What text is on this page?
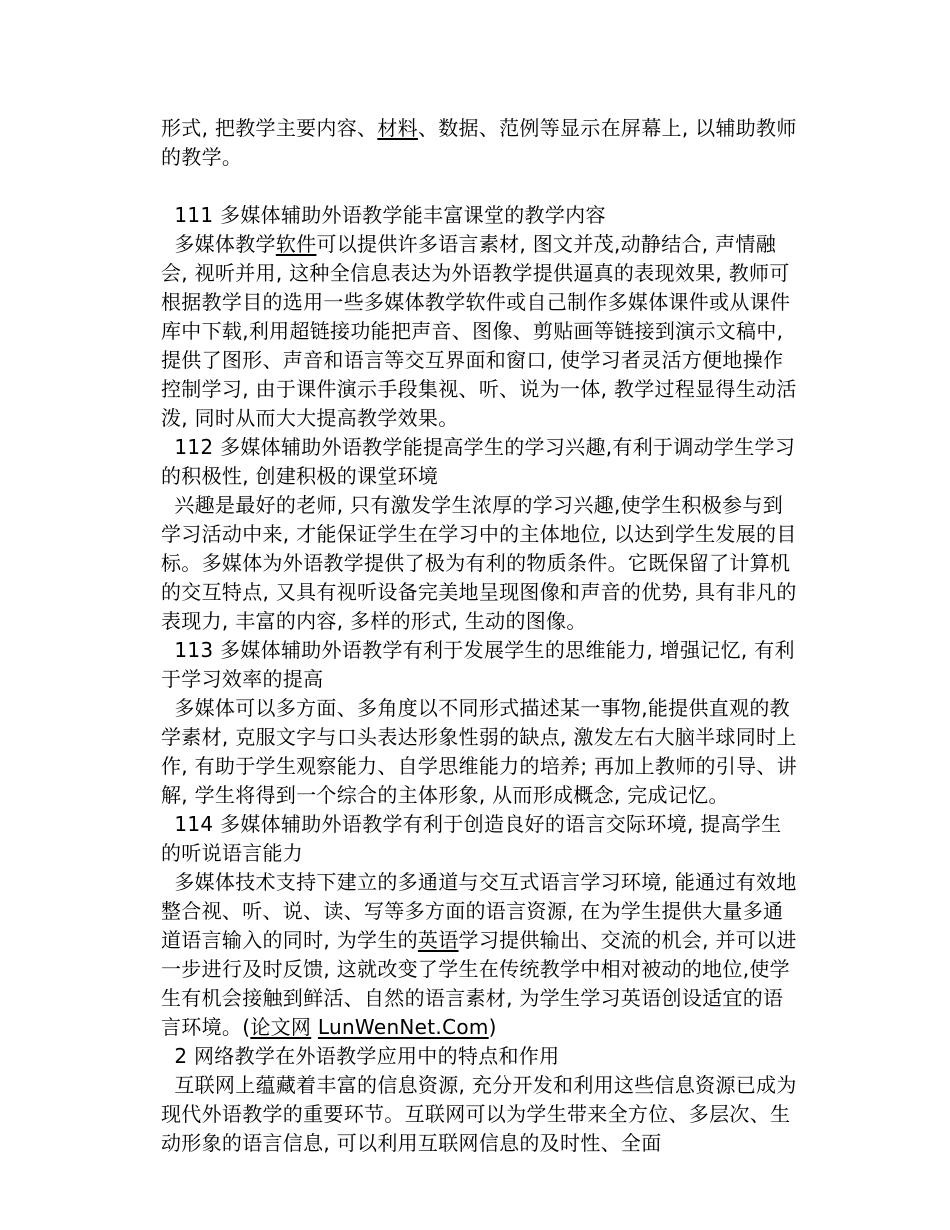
形式, 把教学主要内容、材料、数据、范例等显示在屏幕上, 以辅助教师的教学。

111 多媒体辅助外语教学能丰富课堂的教学内容

多媒体教学软件可以提供许多语言素材, 图文并茂,动静结合, 声情融会, 视听并用, 这种全信息表达为外语教学提供逼真的表现效果, 教师可根据教学目的选用一些多媒体教学软件或自己制作多媒体课件或从课件库中下载,利用超链接功能把声音、图像、剪贴画等链接到演示文稿中, 提供了图形、声音和语言等交互界面和窗口, 使学习者灵活方便地操作控制学习, 由于课件演示手段集视、听、说为一体, 教学过程显得生动活泼, 同时从而大大提高教学效果。

112 多媒体辅助外语教学能提高学生的学习兴趣,有利于调动学生学习的积极性, 创建积极的课堂环境

兴趣是最好的老师, 只有激发学生浓厚的学习兴趣,使学生积极参与到学习活动中来, 才能保证学生在学习中的主体地位, 以达到学生发展的目标。多媒体为外语教学提供了极为有利的物质条件。它既保留了计算机的交互特点, 又具有视听设备完美地呈现图像和声音的优势, 具有非凡的表现力, 丰富的内容, 多样的形式, 生动的图像。

113 多媒体辅助外语教学有利于发展学生的思维能力, 增强记忆, 有利于学习效率的提高

多媒体可以多方面、多角度以不同形式描述某一事物,能提供直观的教学素材, 克服文字与口头表达形象性弱的缺点, 激发左右大脑半球同时上作, 有助于学生观察能力、自学思维能力的培养; 再加上教师的引导、讲解, 学生将得到一个综合的主体形象, 从而形成概念, 完成记忆。

114 多媒体辅助外语教学有利于创造良好的语言交际环境, 提高学生的听说语言能力

多媒体技术支持下建立的多通道与交互式语言学习环境, 能通过有效地整合视、听、说、读、写等多方面的语言资源, 在为学生提供大量多通道语言输入的同时, 为学生的英语学习提供输出、交流的机会, 并可以进一步进行及时反馈, 这就改变了学生在传统教学中相对被动的地位,使学生有机会接触到鲜活、自然的语言素材, 为学生学习英语创设适宜的语言环境。(论文网 LunWenNet.Com)

2 网络教学在外语教学应用中的特点和作用

互联网上蕴藏着丰富的信息资源, 充分开发和利用这些信息资源已成为现代外语教学的重要环节。互联网可以为学生带来全方位、多层次、生动形象的语言信息, 可以利用互联网信息的及时性、全面
